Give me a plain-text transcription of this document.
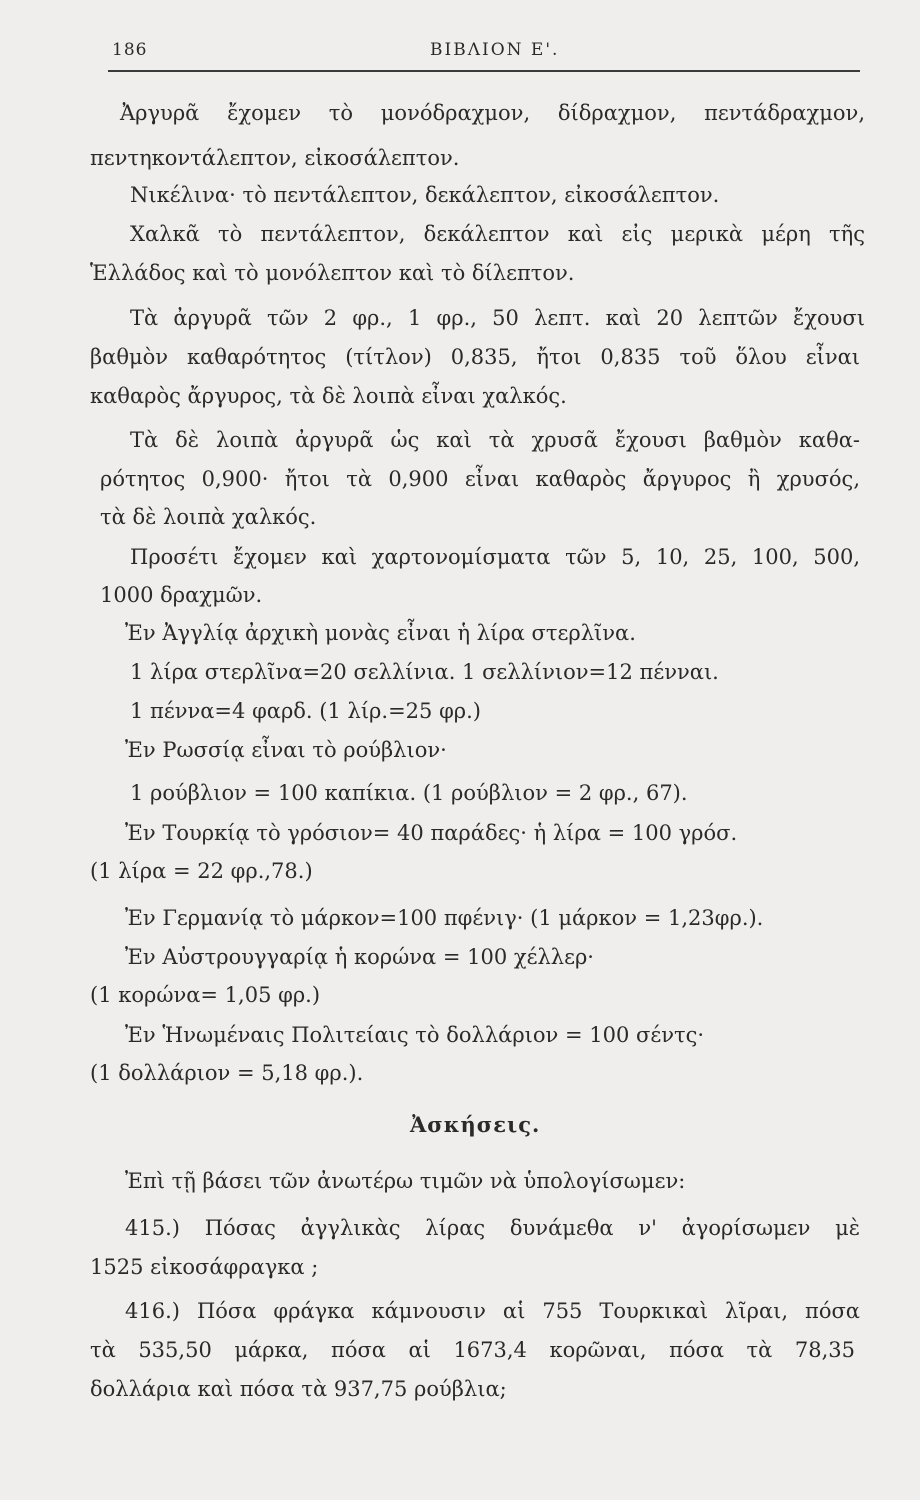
186	ΒΙΒΛΙΟΝ Ε'.
Ἀργυρᾶ ἔχομεν τὸ μονόδραχμον, δίδραχμον, πεντάδραχμον,
πεντηκοντάλεπτον, εἰκοσάλεπτον.
Νικέλινα· τὸ πεντάλεπτον, δεκάλεπτον, εἰκοσάλεπτον.
Χαλκᾶ τὸ πεντάλεπτον, δεκάλεπτον καὶ εἰς μερικὰ μέρη τῆς
Ἑλλάδος καὶ τὸ μονόλεπτον καὶ τὸ δίλεπτον.
Τὰ ἀργυρᾶ τῶν 2 φρ., 1 φρ., 50 λεπτ. καὶ 20 λεπτῶν ἔχουσι
βαθμὸν καθαρότητος (τίτλον) 0,835, ἤτοι 0,835 τοῦ ὅλου εἶναι
καθαρὸς ἄργυρος, τὰ δὲ λοιπὰ εἶναι χαλκός.
Τὰ δὲ λοιπὰ ἀργυρᾶ ὡς καὶ τὰ χρυσᾶ ἔχουσι βαθμὸν καθα-
ρότητος 0,900· ἤτοι τὰ 0,900 εἶναι καθαρὸς ἄργυρος ἢ χρυσός,
τὰ δὲ λοιπὰ χαλκός.
Προσέτι ἔχομεν καὶ χαρτονομίσματα τῶν 5, 10, 25, 100, 500,
1000 δραχμῶν.
Ἐν Ἀγγλίᾳ ἀρχικὴ μονὰς εἶναι ἡ λίρα στερλῖνα.
1 λίρα στερλῖνα=20 σελλίνια. 1 σελλίνιον=12 πένναι.
1 πέννα=4 φαρδ. (1 λίρ.=25 φρ.)
Ἐν Ρωσσίᾳ εἶναι τὸ ρούβλιον·
1 ρούβλιον = 100 καπίκια. (1 ρούβλιον = 2 φρ., 67).
Ἐν Τουρκίᾳ τὸ γρόσιον= 40 παράδες· ἡ λίρα = 100 γρόσ.
(1 λίρα = 22 φρ.,78.)
Ἐν Γερμανίᾳ τὸ μάρκον=100 πφένιγ· (1 μάρκον = 1,23φρ.).
Ἐν Αὐστρουγγαρίᾳ ἡ κορώνα = 100 χέλλερ·
(1 κορώνα= 1,05 φρ.)
Ἐν Ἡνωμέναις Πολιτείαις τὸ δολλάριον = 100 σέντς·
(1 δολλάριον = 5,18 φρ.).
Ἀσκήσεις.
Ἐπὶ τῇ βάσει τῶν ἀνωτέρω τιμῶν νὰ ὑπολογίσωμεν:
415.) Πόσας ἀγγλικὰς λίρας δυνάμεθα ν' ἀγορίσωμεν μὲ
1525 εἰκοσάφραγκα ;
416.) Πόσα φράγκα κάμνουσιν αἱ 755 Τουρκικαὶ λῖραι, πόσα
τὰ 535,50 μάρκα, πόσα αἱ 1673,4 κορῶναι, πόσα τὰ 78,35
δολλάρια καὶ πόσα τὰ 937,75 ρούβλια;
